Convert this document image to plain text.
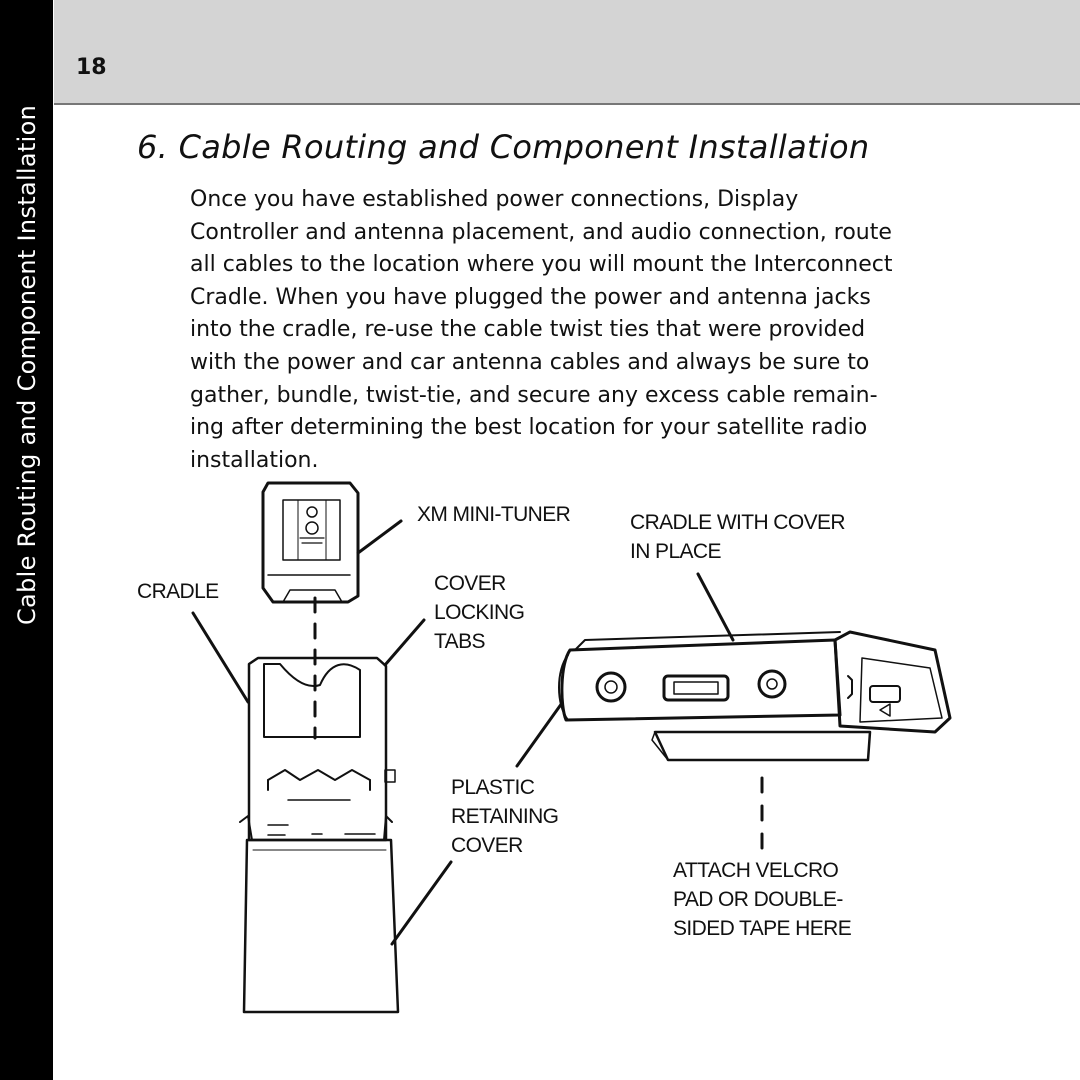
Cable Routing and Component Installation
18
6. Cable Routing and Component Installation
Once you have established power connections, Display
Controller and antenna placement, and audio connection, route
all cables to the location where you will mount the Interconnect
Cradle. When you have plugged the power and antenna jacks
into the cradle, re-use the cable twist ties that were provided
with the power and car antenna cables and always be sure to
gather, bundle, twist-tie, and secure any excess cable remain-
ing after determining the best location for your satellite radio
installation.
XM MINI-TUNER
CRADLE	COVER
LOCKING
TABS
CRADLE WITH COVER
IN PLACE
PLASTIC
RETAINING
COVER
ATTACH VELCRO
PAD OR DOUBLE-
SIDED TAPE HERE
